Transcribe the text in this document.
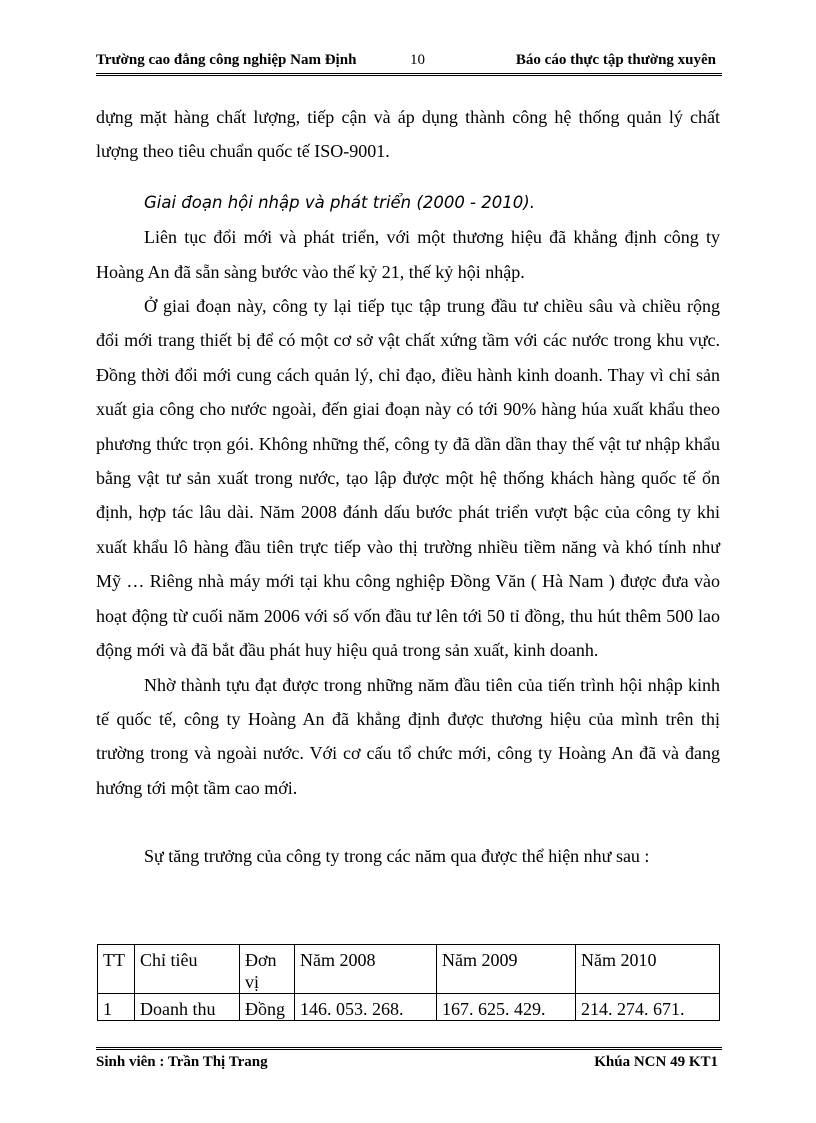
Trường cao đẳng công nghiệp Nam Định	10	Báo cáo thực tập thường xuyên

dựng mặt hàng chất lượng, tiếp cận và áp dụng thành công hệ thống quản lý chất lượng theo tiêu chuẩn quốc tế ISO-9001.

Giai đoạn hội nhập và phát triển (2000 - 2010).

Liên tục đổi mới và phát triển, với một thương hiệu đã khẳng định công ty Hoàng An đã sẵn sàng bước vào thế kỷ 21, thế kỷ hội nhập.

Ở giai đoạn này, công ty lại tiếp tục tập trung đầu tư chiều sâu và chiều rộng đổi mới trang thiết bị để có một cơ sở vật chất xứng tầm với các nước trong khu vực. Đồng thời đổi mới cung cách quản lý, chỉ đạo, điều hành kinh doanh. Thay vì chỉ sản xuất gia công cho nước ngoài, đến giai đoạn này có tới 90% hàng húa xuất khẩu theo phương thức trọn gói. Không những thế, công ty đã dần dần thay thế vật tư nhập khẩu bằng vật tư sản xuất trong nước, tạo lập được một hệ thống khách hàng quốc tế ổn định, hợp tác lâu dài. Năm 2008 đánh dấu bước phát triển vượt bậc của công ty khi xuất khẩu lô hàng đầu tiên trực tiếp vào thị trường nhiều tiềm năng và khó tính như Mỹ … Riêng nhà máy mới tại khu công nghiệp Đồng Văn ( Hà Nam ) được đưa vào hoạt động từ cuối năm 2006 với số vốn đầu tư lên tới 50 tỉ đồng, thu hút thêm 500 lao động mới và đã bắt đầu phát huy hiệu quả trong sản xuất, kinh doanh.

Nhờ thành tựu đạt được trong những năm đầu tiên của tiến trình hội nhập kinh tế quốc tế, công ty Hoàng An đã khẳng định được thương hiệu của mình trên thị trường trong và ngoài nước. Với cơ cấu tổ chức mới, công ty Hoàng An đã và đang hướng tới một tầm cao mới.

Sự tăng trưởng của công ty trong các năm qua được thể hiện như sau :

TT	Chỉ tiêu	Đơn vị	Năm 2008	Năm 2009	Năm 2010
1	Doanh thu	Đồng	146. 053. 268.	167. 625. 429.	214. 274. 671.
Sinh viên : Trần Thị Trang	Khúa NCN 49 KT1
